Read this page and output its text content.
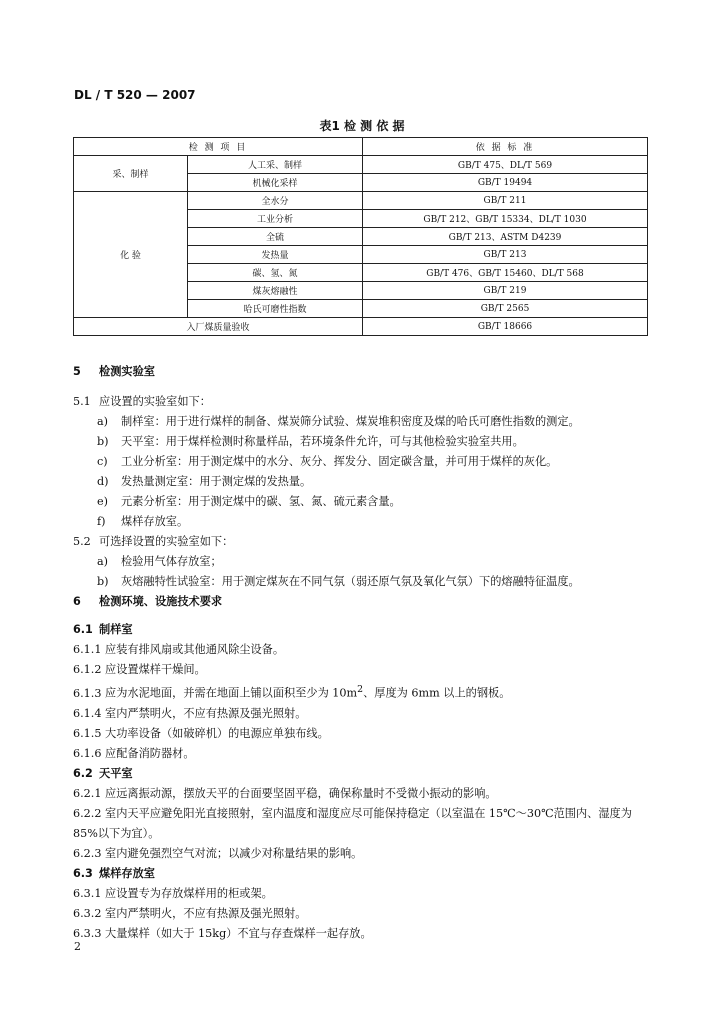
DL / T 520 — 2007
表1 检 测 依 据
检 测 项 目		依 据 标 准
采、制样	人工采、制样	GB/T 475、DL/T 569
	机械化采样	GB/T 19494
化 验	全水分	GB/T 211
	工业分析	GB/T 212、GB/T 15334、DL/T 1030
	全硫	GB/T 213、ASTM D4239
	发热量	GB/T 213
	碳、氢、氮	GB/T 476、GB/T 15460、DL/T 568
	煤灰熔融性	GB/T 219
	哈氏可磨性指数	GB/T 2565
入厂煤质量验收		GB/T 18666
5 检测实验室
5.1 应设置的实验室如下：
a)	制样室：用于进行煤样的制备、煤炭筛分试验、煤炭堆积密度及煤的哈氏可磨性指数的测定。
b)	天平室：用于煤样检测时称量样品，若环境条件允许，可与其他检验实验室共用。
c)	工业分析室：用于测定煤中的水分、灰分、挥发分、固定碳含量，并可用于煤样的灰化。
d)	发热量测定室：用于测定煤的发热量。
e)	元素分析室：用于测定煤中的碳、氢、氮、硫元素含量。
f)	煤样存放室。
5.2 可选择设置的实验室如下：
a)	检验用气体存放室；
b)	灰熔融特性试验室：用于测定煤灰在不同气氛（弱还原气氛及氧化气氛）下的熔融特征温度。
6 检测环境、设施技术要求
6.1 制样室
6.1.1 应装有排风扇或其他通风除尘设备。
6.1.2 应设置煤样干燥间。
6.1.3 应为水泥地面，并需在地面上铺以面积至少为 $10m^2$、厚度为 6mm 以上的钢板。
6.1.4 室内严禁明火，不应有热源及强光照射。
6.1.5 大功率设备（如破碎机）的电源应单独布线。
6.1.6 应配备消防器材。
6.2 天平室
6.2.1 应远离振动源，摆放天平的台面要坚固平稳，确保称量时不受微小振动的影响。
6.2.2 室内天平应避免阳光直接照射，室内温度和湿度应尽可能保持稳定（以室温在 15℃～30℃范围内、湿度为 85%以下为宜）。
6.2.3 室内避免强烈空气对流；以减少对称量结果的影响。
6.3 煤样存放室
6.3.1 应设置专为存放煤样用的柜或架。
6.3.2 室内严禁明火，不应有热源及强光照射。
6.3.3 大量煤样（如大于 15kg）不宜与存查煤样一起存放。
2
